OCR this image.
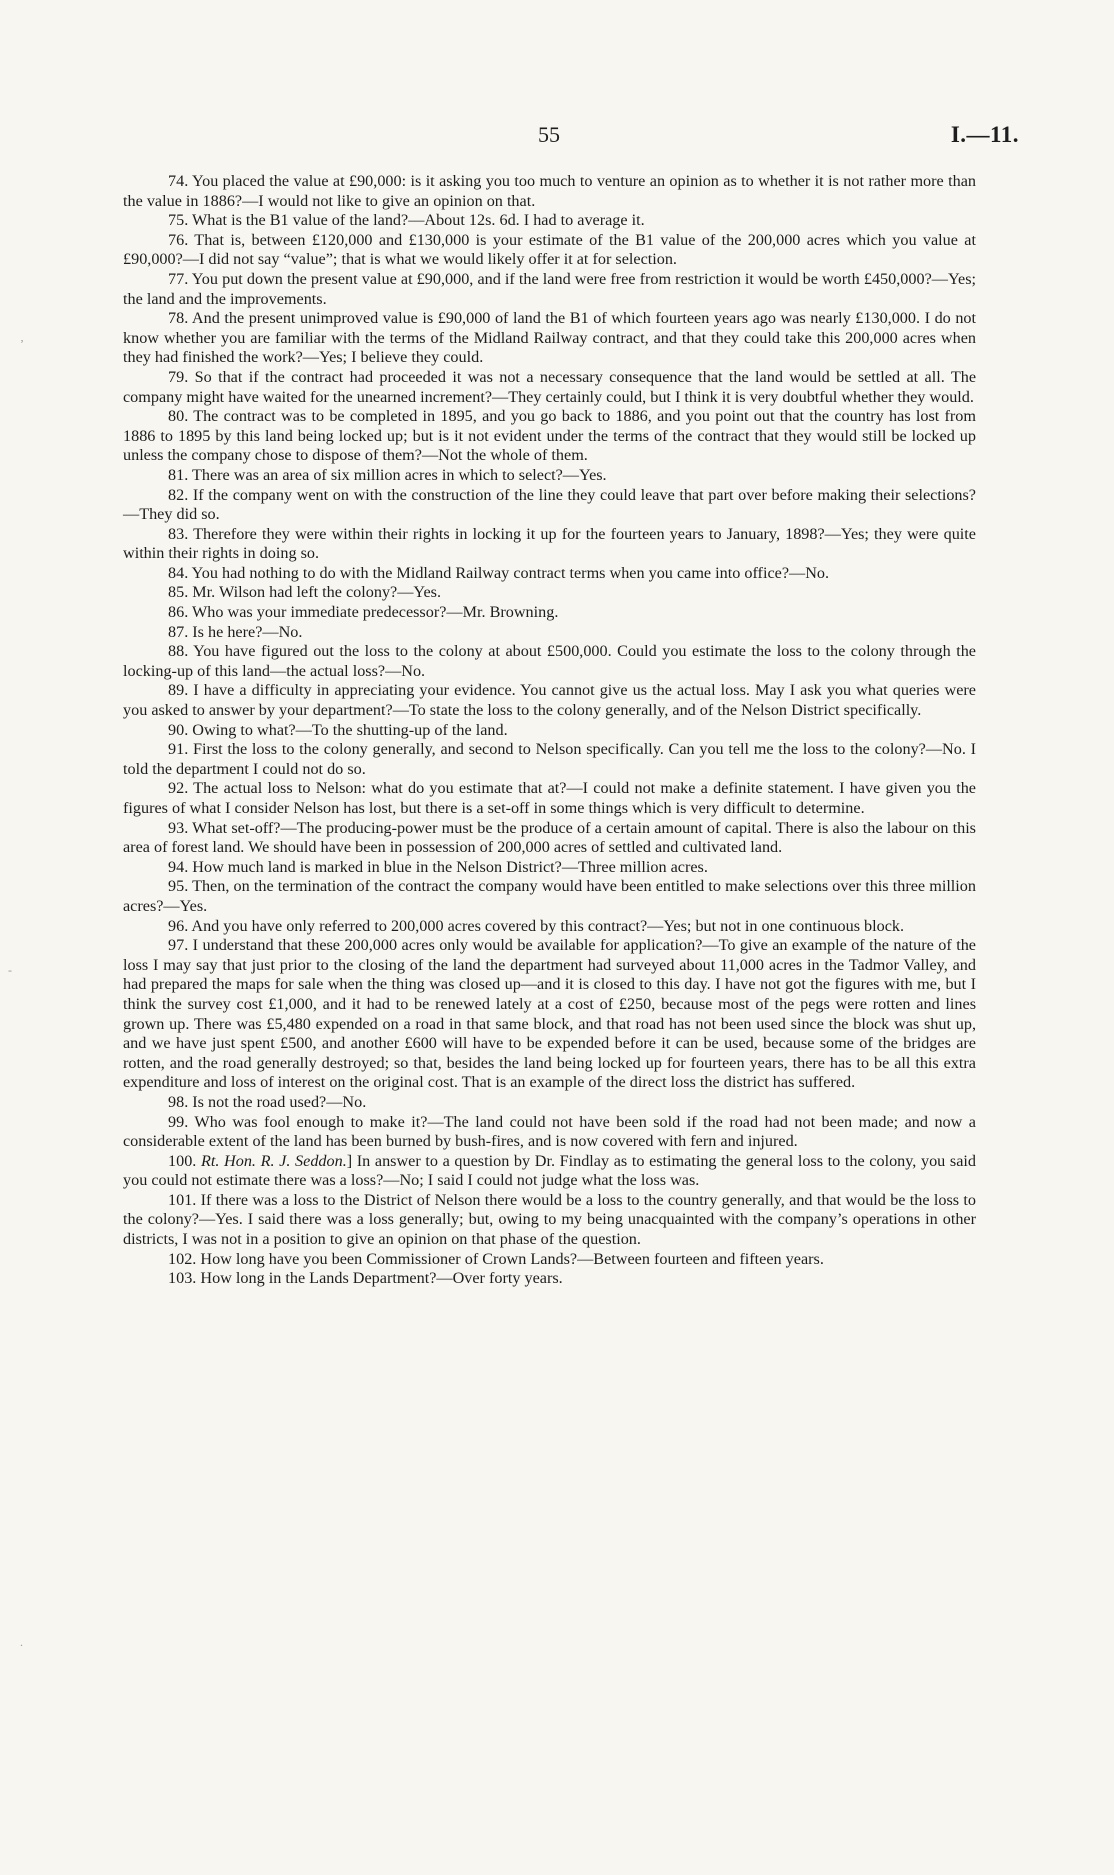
55	I.—11.

74. You placed the value at £90,000: is it asking you too much to venture an opinion as to whether it is not rather more than the value in 1886?—I would not like to give an opinion on that.

75. What is the B1 value of the land?—About 12s. 6d. I had to average it.

76. That is, between £120,000 and £130,000 is your estimate of the B1 value of the 200,000 acres which you value at £90,000?—I did not say “value”; that is what we would likely offer it at for selection.

77. You put down the present value at £90,000, and if the land were free from restriction it would be worth £450,000?—Yes; the land and the improvements.

78. And the present unimproved value is £90,000 of land the B1 of which fourteen years ago was nearly £130,000. I do not know whether you are familiar with the terms of the Midland Railway contract, and that they could take this 200,000 acres when they had finished the work?—Yes; I believe they could.

79. So that if the contract had proceeded it was not a necessary consequence that the land would be settled at all. The company might have waited for the unearned increment?—They certainly could, but I think it is very doubtful whether they would.

80. The contract was to be completed in 1895, and you go back to 1886, and you point out that the country has lost from 1886 to 1895 by this land being locked up; but is it not evident under the terms of the contract that they would still be locked up unless the company chose to dispose of them?—Not the whole of them.

81. There was an area of six million acres in which to select?—Yes.

82. If the company went on with the construction of the line they could leave that part over before making their selections?—They did so.

83. Therefore they were within their rights in locking it up for the fourteen years to January, 1898?—Yes; they were quite within their rights in doing so.

84. You had nothing to do with the Midland Railway contract terms when you came into office?—No.

85. Mr. Wilson had left the colony?—Yes.

86. Who was your immediate predecessor?—Mr. Browning.

87. Is he here?—No.

88. You have figured out the loss to the colony at about £500,000. Could you estimate the loss to the colony through the locking-up of this land—the actual loss?—No.

89. I have a difficulty in appreciating your evidence. You cannot give us the actual loss. May I ask you what queries were you asked to answer by your department?—To state the loss to the colony generally, and of the Nelson District specifically.

90. Owing to what?—To the shutting-up of the land.

91. First the loss to the colony generally, and second to Nelson specifically. Can you tell me the loss to the colony?—No. I told the department I could not do so.

92. The actual loss to Nelson: what do you estimate that at?—I could not make a definite statement. I have given you the figures of what I consider Nelson has lost, but there is a set-off in some things which is very difficult to determine.

93. What set-off?—The producing-power must be the produce of a certain amount of capital. There is also the labour on this area of forest land. We should have been in possession of 200,000 acres of settled and cultivated land.

94. How much land is marked in blue in the Nelson District?—Three million acres.

95. Then, on the termination of the contract the company would have been entitled to make selections over this three million acres?—Yes.

96. And you have only referred to 200,000 acres covered by this contract?—Yes; but not in one continuous block.

97. I understand that these 200,000 acres only would be available for application?—To give an example of the nature of the loss I may say that just prior to the closing of the land the department had surveyed about 11,000 acres in the Tadmor Valley, and had prepared the maps for sale when the thing was closed up—and it is closed to this day. I have not got the figures with me, but I think the survey cost £1,000, and it had to be renewed lately at a cost of £250, because most of the pegs were rotten and lines grown up. There was £5,480 expended on a road in that same block, and that road has not been used since the block was shut up, and we have just spent £500, and another £600 will have to be expended before it can be used, because some of the bridges are rotten, and the road generally destroyed; so that, besides the land being locked up for fourteen years, there has to be all this extra expenditure and loss of interest on the original cost. That is an example of the direct loss the district has suffered.

98. Is not the road used?—No.

99. Who was fool enough to make it?—The land could not have been sold if the road had not been made; and now a considerable extent of the land has been burned by bush-fires, and is now covered with fern and injured.

100. Rt. Hon. R. J. Seddon.] In answer to a question by Dr. Findlay as to estimating the general loss to the colony, you said you could not estimate there was a loss?—No; I said I could not judge what the loss was.

101. If there was a loss to the District of Nelson there would be a loss to the country generally, and that would be the loss to the colony?—Yes. I said there was a loss generally; but, owing to my being unacquainted with the company’s operations in other districts, I was not in a position to give an opinion on that phase of the question.

102. How long have you been Commissioner of Crown Lands?—Between fourteen and fifteen years.

103. How long in the Lands Department?—Over forty years.

‚
-
.
